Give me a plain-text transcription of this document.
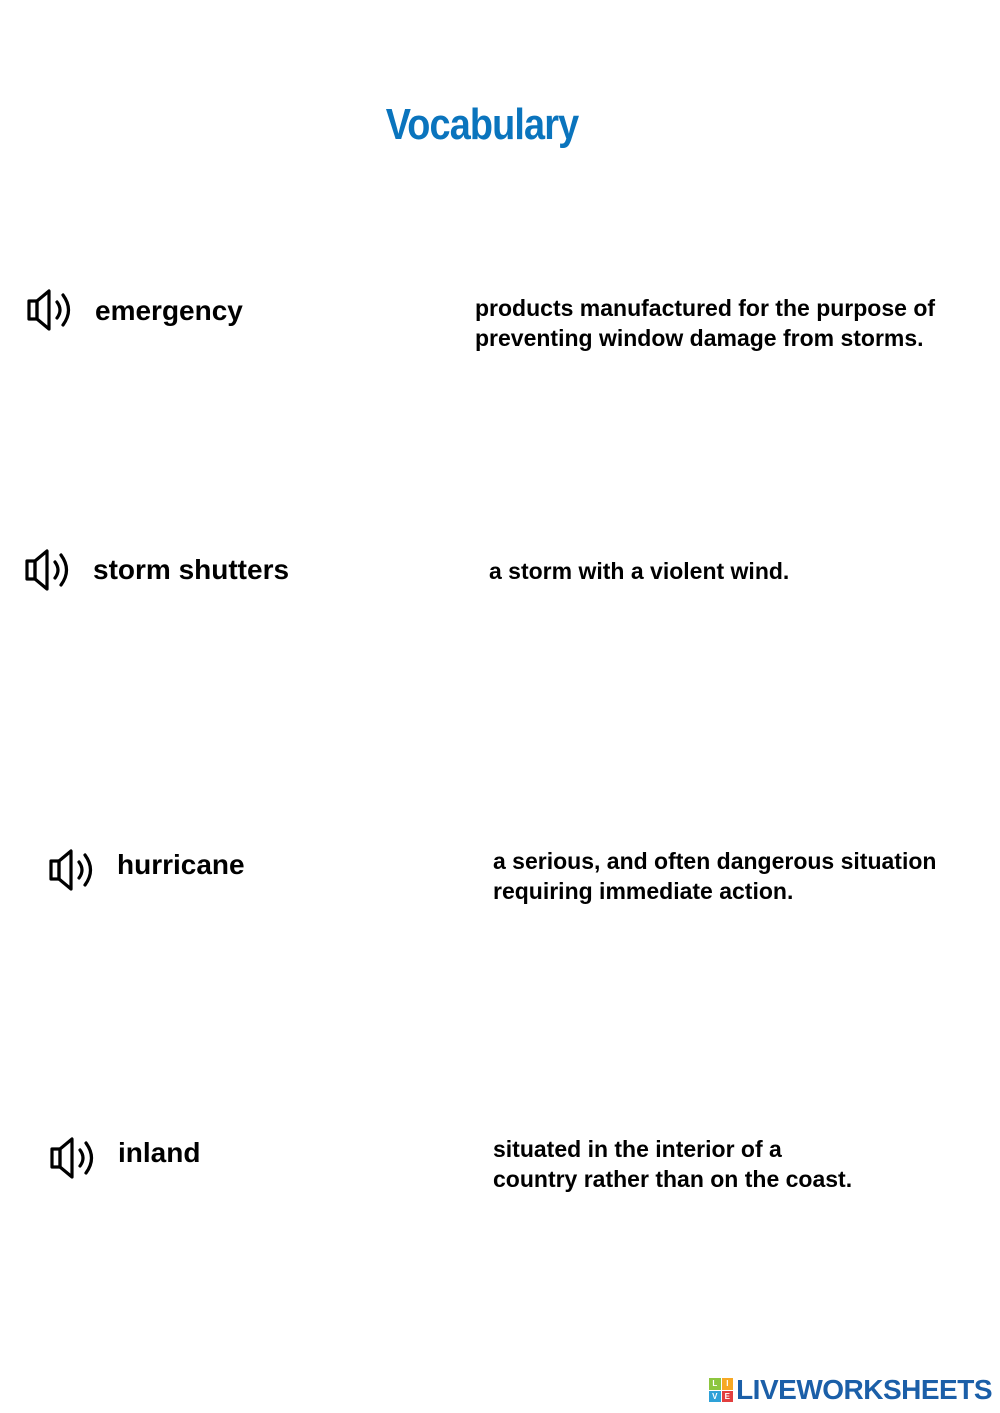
Vocabulary
emergency	products manufactured for the purpose of
preventing window damage from storms.
storm shutters	a storm with a violent wind.
hurricane	a serious, and often dangerous situation
requiring immediate action.
inland	situated in the interior of a
country rather than on the coast.
L	I
V E LIVEWORKSHEETS
